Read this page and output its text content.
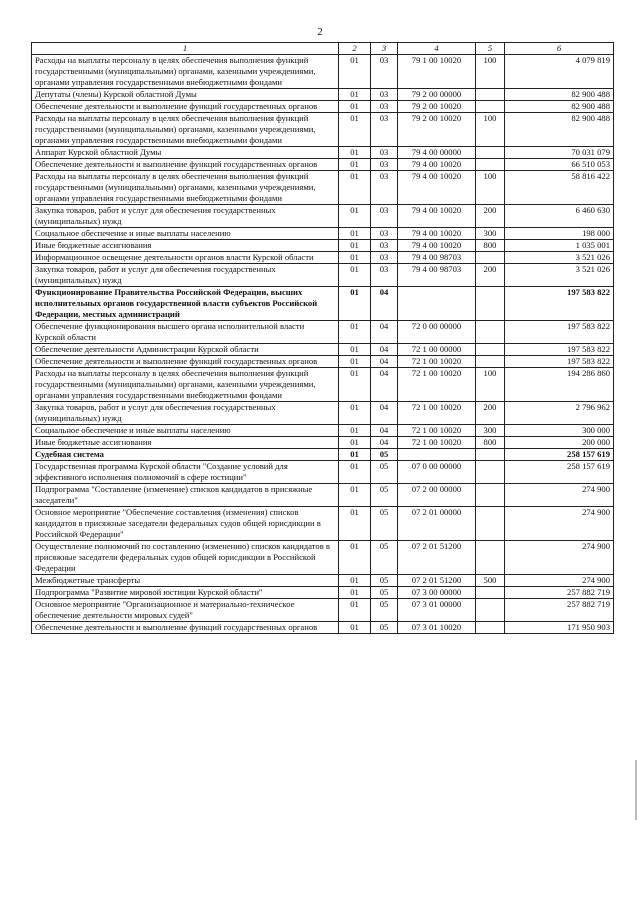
2
1	2	3	4	5	6
Расходы на выплаты персоналу в целях обеспечения выполнения функций государственными (муниципальными) органами, казенными учреждениями, органами управления государственными внебюджетными фондами	01	03	79 1 00 10020	100	4 079 819
Депутаты (члены) Курской областной Думы	01	03	79 2 00 00000		82 900 488
Обеспечение деятельности и выполнение функций государственных органов	01	03	79 2 00 10020		82 900 488
Расходы на выплаты персоналу в целях обеспечения выполнения функций государственными (муниципальными) органами, казенными учреждениями, органами управления государственными внебюджетными фондами	01	03	79 2 00 10020	100	82 900 488
Аппарат Курской областной Думы	01	03	79 4 00 00000		70 031 079
Обеспечение деятельности и выполнение функций государственных органов	01	03	79 4 00 10020		66 510 053
Расходы на выплаты персоналу в целях обеспечения выполнения функций государственными (муниципальными) органами, казенными учреждениями, органами управления государственными внебюджетными фондами	01	03	79 4 00 10020	100	58 816 422
Закупка товаров, работ и услуг для обеспечения государственных (муниципальных) нужд	01	03	79 4 00 10020	200	6 460 630
Социальное обеспечение и иные выплаты населению	01	03	79 4 00 10020	300	198 000
Иные бюджетные ассигнования	01	03	79 4 00 10020	800	1 035 001
Информационное освещение деятельности органов власти Курской области	01	03	79 4 00 98703		3 521 026
Закупка товаров, работ и услуг для обеспечения государственных (муниципальных) нужд	01	03	79 4 00 98703	200	3 521 026
Функционирование Правительства Российской Федерации, высших исполнительных органов государственной власти субъектов Российской Федерации, местных администраций	01	04			197 583 822
Обеспечение функционирования высшего органа исполнительной власти Курской области	01	04	72 0 00 00000		197 583 822
Обеспечение деятельности Администрации Курской области	01	04	72 1 00 00000		197 583 822
Обеспечение деятельности и выполнение функций государственных органов	01	04	72 1 00 10020		197 583 822
Расходы на выплаты персоналу в целях обеспечения выполнения функций государственными (муниципальными) органами, казенными учреждениями, органами управления государственными внебюджетными фондами	01	04	72 1 00 10020	100	194 286 860
Закупка товаров, работ и услуг для обеспечения государственных (муниципальных) нужд	01	04	72 1 00 10020	200	2 796 962
Социальное обеспечение и иные выплаты населению	01	04	72 1 00 10020	300	300 000
Иные бюджетные ассигнования	01	04	72 1 00 10020	800	200 000
Судебная система	01	05			258 157 619
Государственная программа Курской области "Создание условий для эффективного исполнения полномочий в сфере юстиции"	01	05	07 0 00 00000		258 157 619
Подпрограмма "Составление (изменение) списков кандидатов в присяжные заседатели"	01	05	07 2 00 00000		274 900
Основное мероприятие "Обеспечение составления (изменения) списков кандидатов в присяжные заседатели федеральных судов общей юрисдикции в Российской Федерации"	01	05	07 2 01 00000		274 900
Осуществление полномочий по составлению (изменению) списков кандидатов в присяжные заседатели федеральных судов общей юрисдикции в Российской Федерации	01	05	07 2 01 51200		274 900
Межбюджетные трансферты	01	05	07 2 01 51200	500	274 900
Подпрограмма "Развитие мировой юстиции Курской области"	01	05	07 3 00 00000		257 882 719
Основное мероприятие "Организационное и материально-техническое обеспечение деятельности мировых судей"	01	05	07 3 01 00000		257 882 719
Обеспечение деятельности и выполнение функций государственных органов	01	05	07 3 01 10020		171 950 903
